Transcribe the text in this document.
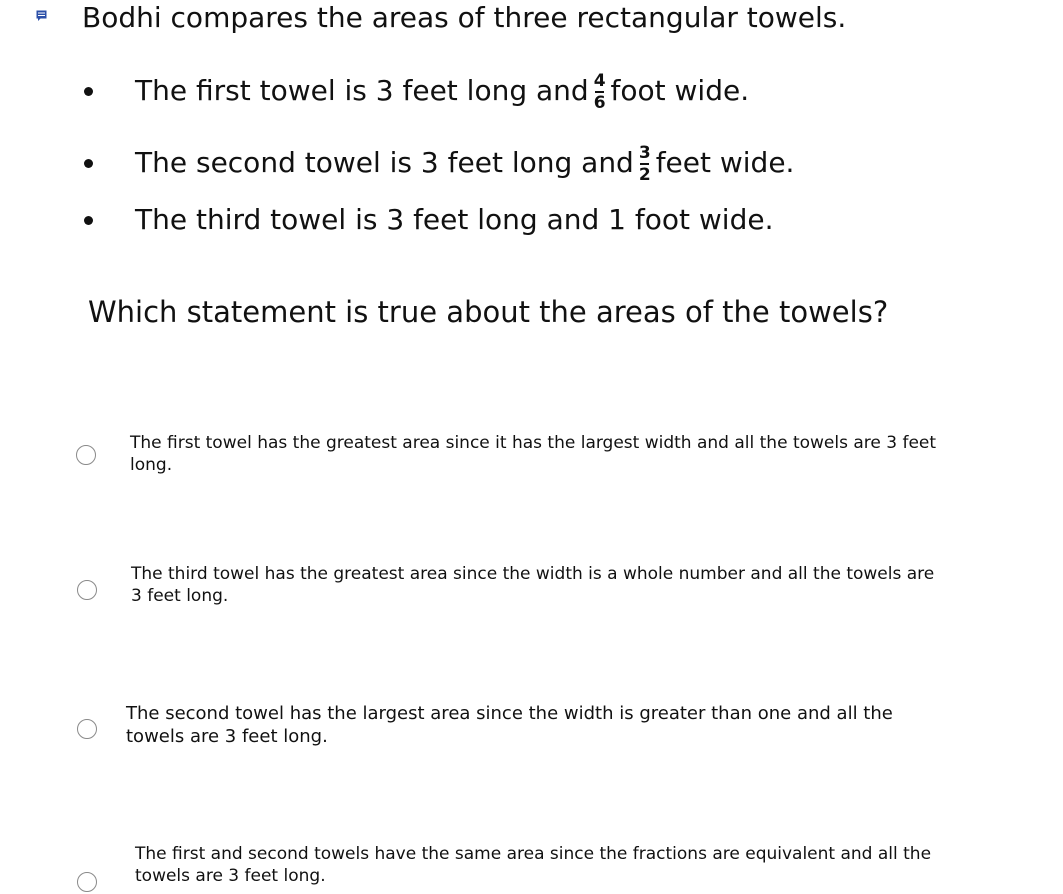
Bodhi compares the areas of three rectangular towels.
The first towel is 3 feet long and $\frac{4}{6}$ foot wide.
The second towel is 3 feet long and $\frac{3}{2}$ feet wide.
The third towel is 3 feet long and 1 foot wide.
Which statement is true about the areas of the towels?
The first towel has the greatest area since it has the largest width and all the towels are 3 feet long.
The third towel has the greatest area since the width is a whole number and all the towels are 3 feet long.
The second towel has the largest area since the width is greater than one and all the towels are 3 feet long.
The first and second towels have the same area since the fractions are equivalent and all the towels are 3 feet long.
